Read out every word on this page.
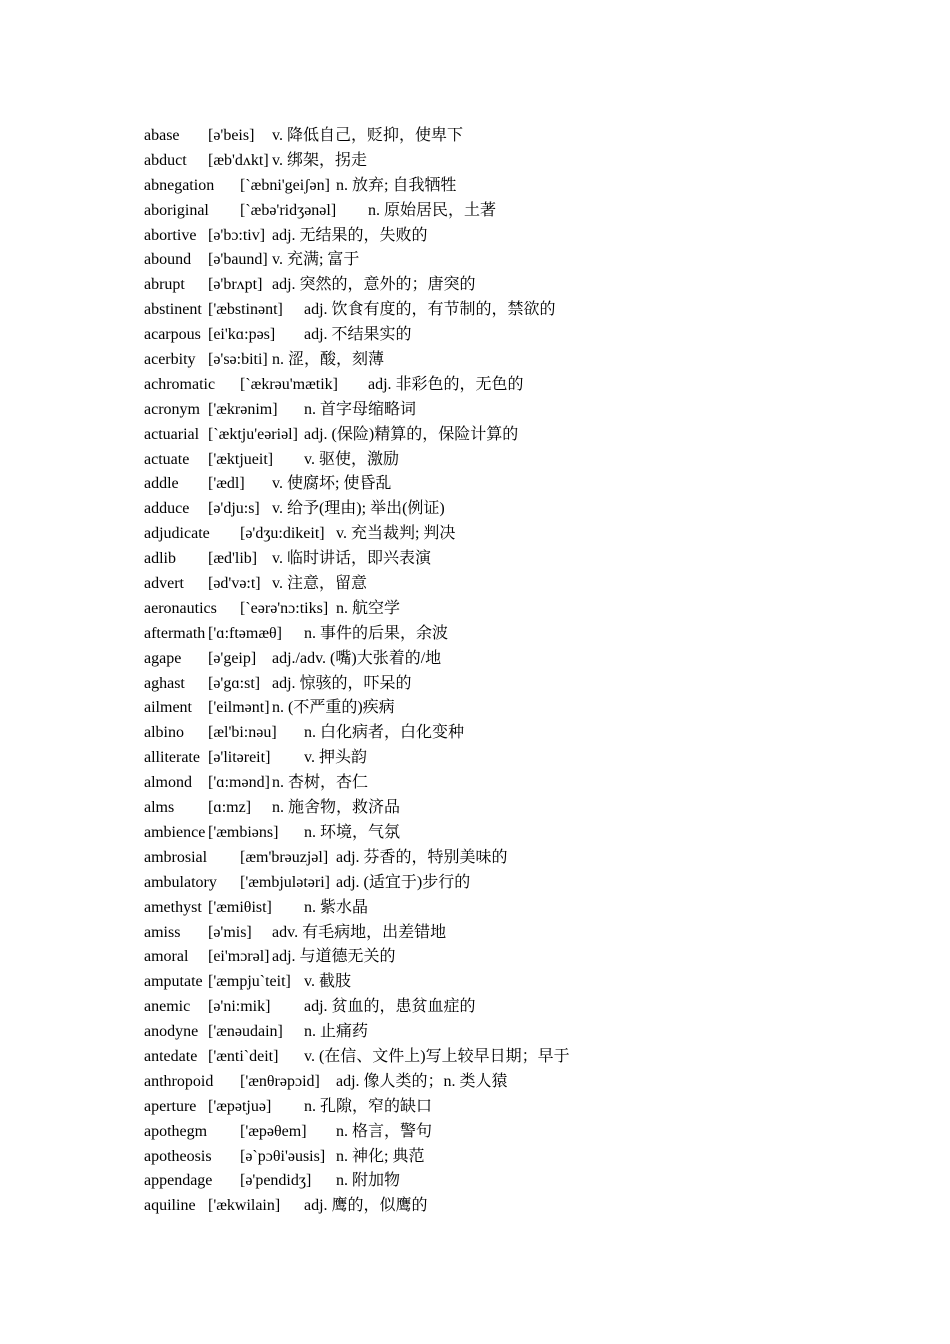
abase	[ə'beis]	v. 降低自己，贬抑，使卑下
abduct	[æb'dʌkt]	v. 绑架，拐走
abnegation	[`æbni'geiʃən]	n. 放弃; 自我牺牲
aboriginal	[`æbə'ridʒənəl]	n. 原始居民，土著
abortive	[ə'bɔ:tiv]	adj. 无结果的，失败的
abound	[ə'baund]	v. 充满; 富于
abrupt	[ə'brʌpt]	adj. 突然的，意外的；唐突的
abstinent	['æbstinənt]	adj. 饮食有度的，有节制的，禁欲的
acarpous	[ei'kɑ:pəs]	adj. 不结果实的
acerbity	[ə'sə:biti]	n. 涩，酸，刻薄
achromatic	[`ækrəu'mætik]	adj. 非彩色的，无色的
acronym	['ækrənim]	n. 首字母缩略词
actuarial	[`æktju'eəriəl]	adj. (保险)精算的，保险计算的
actuate	['æktjueit]	v. 驱使，激励
addle	['ædl]	v. 使腐坏; 使昏乱
adduce	[ə'dju:s]	v. 给予(理由); 举出(例证)
adjudicate	[ə'dʒu:dikeit]	v. 充当裁判; 判决
adlib	[æd'lib]	v. 临时讲话，即兴表演
advert	[əd'və:t]	v. 注意，留意
aeronautics	[`eərə'nɔ:tiks]	n. 航空学
aftermath	['ɑ:ftəmæθ]	n. 事件的后果，余波
agape	[ə'geip]	adj./adv. (嘴)大张着的/地
aghast	[ə'gɑ:st]	adj. 惊骇的，吓呆的
ailment	['eilmənt]	n. (不严重的)疾病
albino	[æl'bi:nəu]	n. 白化病者，白化变种
alliterate	[ə'litəreit]	v. 押头韵
almond	['ɑ:mənd]	n. 杏树，杏仁
alms	[ɑ:mz]	n. 施舍物，救济品
ambience	['æmbiəns]	n. 环境，气氛
ambrosial	[æm'brəuzjəl]	adj. 芬香的，特别美味的
ambulatory	['æmbjulətəri]	adj. (适宜于)步行的
amethyst	['æmiθist]	n. 紫水晶
amiss	[ə'mis]	adv. 有毛病地，出差错地
amoral	[ei'mɔrəl]	adj. 与道德无关的
amputate	['æmpju`teit]	v. 截肢
anemic	[ə'ni:mik]	adj. 贫血的，患贫血症的
anodyne	['ænəudain]	n. 止痛药
antedate	['ænti`deit]	v. (在信、文件上)写上较早日期；早于
anthropoid	['ænθrəpɔid]	adj. 像人类的；n. 类人猿
aperture	['æpətjuə]	n. 孔隙，窄的缺口
apothegm	['æpəθem]	n. 格言，警句
apotheosis	[ə`pɔθi'əusis]	n. 神化; 典范
appendage	[ə'pendidʒ]	n. 附加物
aquiline	['ækwilain]	adj. 鹰的，似鹰的
